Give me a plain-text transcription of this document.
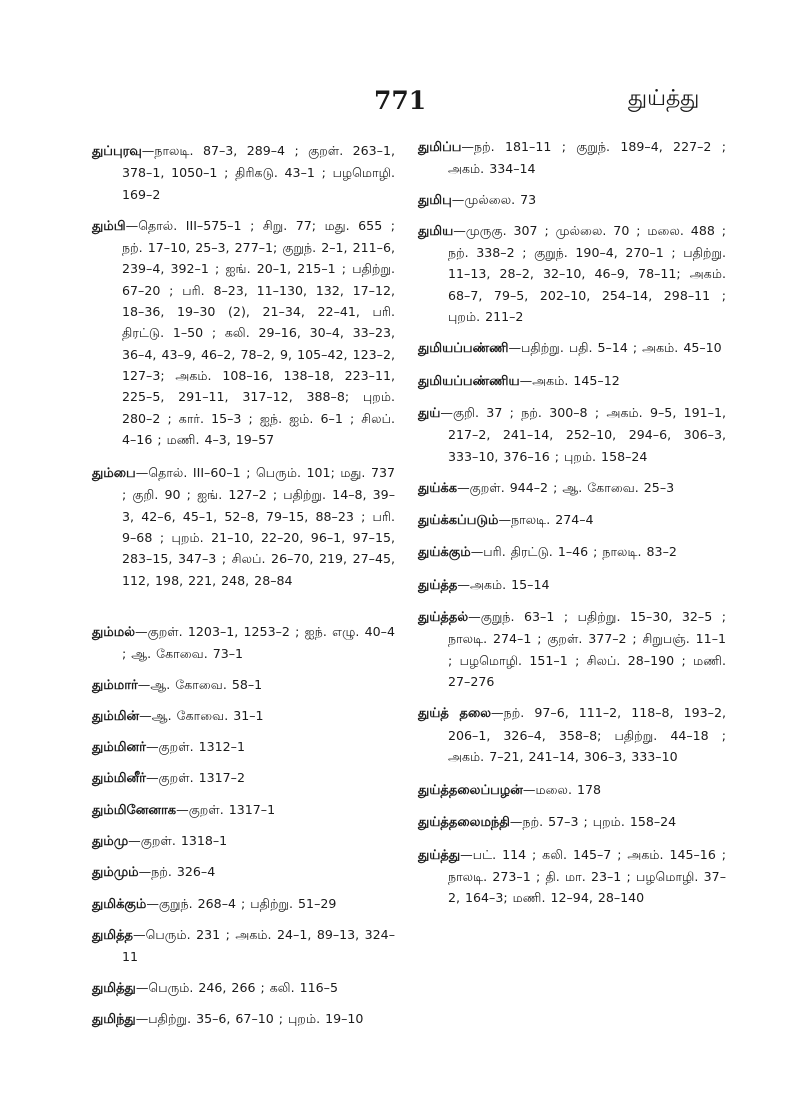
771	துய்த்து

துப்புரவு—நாலடி. 87–3, 289–4 ; குறள். 263–1, 378–1, 1050–1 ; திரிகடு. 43–1 ; பழமொழி. 169–2

தும்பி—தொல். III–575–1 ; சிறு. 77; மது. 655 ; நற். 17–10, 25–3, 277–1; குறுந். 2–1, 211–6, 239–4, 392–1 ; ஐங். 20–1, 215–1 ; பதிற்று. 67–20 ; பரி. 8–23, 11–130, 132, 17–12, 18–36, 19–30 (2), 21–34, 22–41, பரி. திரட்டு. 1–50 ; கலி. 29–16, 30–4, 33–23, 36–4, 43–9, 46–2, 78–2, 9, 105–42, 123–2, 127–3; அகம். 108–16, 138–18, 223–11, 225–5, 291–11, 317–12, 388–8; புறம். 280–2 ; கார். 15–3 ; ஐந். ஐம். 6–1 ; சிலப். 4–16 ; மணி. 4–3, 19–57

தும்பை—தொல். III–60–1 ; பெரும். 101; மது. 737 ; குறி. 90 ; ஐங். 127–2 ; பதிற்று. 14–8, 39–3, 42–6, 45–1, 52–8, 79–15, 88–23 ; பரி. 9–68 ; புறம். 21–10, 22–20, 96–1, 97–15, 283–15, 347–3 ; சிலப். 26–70, 219, 27–45, 112, 198, 221, 248, 28–84

தும்மல்—குறள். 1203–1, 1253–2 ; ஐந். எழு. 40–4 ; ஆ. கோவை. 73–1

தும்மார்—ஆ. கோவை. 58–1

தும்மின்—ஆ. கோவை. 31–1

தும்மினர்—குறள். 1312–1

தும்மினீர்—குறள். 1317–2

தும்மினேனாக—குறள். 1317–1

தும்மு—குறள். 1318–1

தும்மும்—நற். 326–4

துமிக்கும்—குறுந். 268–4 ; பதிற்று. 51–29

துமித்த—பெரும். 231 ; அகம். 24–1, 89–13, 324–11

துமித்து—பெரும். 246, 266 ; கலி. 116–5

துமிந்து—பதிற்று. 35–6, 67–10 ; புறம். 19–10

துமிப்ப—நற். 181–11 ; குறுந். 189–4, 227–2 ; அகம். 334–14

துமிபு—முல்லை. 73

துமிய—முருகு. 307 ; முல்லை. 70 ; மலை. 488 ; நற். 338–2 ; குறுந். 190–4, 270–1 ; பதிற்று. 11–13, 28–2, 32–10, 46–9, 78–11; அகம். 68–7, 79–5, 202–10, 254–14, 298–11 ; புறம். 211–2

துமியப்பண்ணி—பதிற்று. பதி. 5–14 ; அகம். 45–10

துமியப்பண்ணிய—அகம். 145–12

துய்—குறி. 37 ; நற். 300–8 ; அகம். 9–5, 191–1, 217–2, 241–14, 252–10, 294–6, 306–3, 333–10, 376–16 ; புறம். 158–24

துய்க்க—குறள். 944–2 ; ஆ. கோவை. 25–3

துய்க்கப்படும்—நாலடி. 274–4

துய்க்கும்—பரி. திரட்டு. 1–46 ; நாலடி. 83–2

துய்த்த—அகம். 15–14

துய்த்தல்—குறுந். 63–1 ; பதிற்று. 15–30, 32–5 ; நாலடி. 274–1 ; குறள். 377–2 ; சிறுபஞ். 11–1 ; பழமொழி. 151–1 ; சிலப். 28–190 ; மணி. 27–276

துய்த் தலை—நற். 97–6, 111–2, 118–8, 193–2, 206–1, 326–4, 358–8; பதிற்று. 44–18 ; அகம். 7–21, 241–14, 306–3, 333–10

துய்த்தலைப்பழன்—மலை. 178

துய்த்தலைமந்தி—நற். 57–3 ; புறம். 158–24

துய்த்து—பட். 114 ; கலி. 145–7 ; அகம். 145–16 ; நாலடி. 273–1 ; தி. மா. 23–1 ; பழமொழி. 37–2, 164–3; மணி. 12–94, 28–140
